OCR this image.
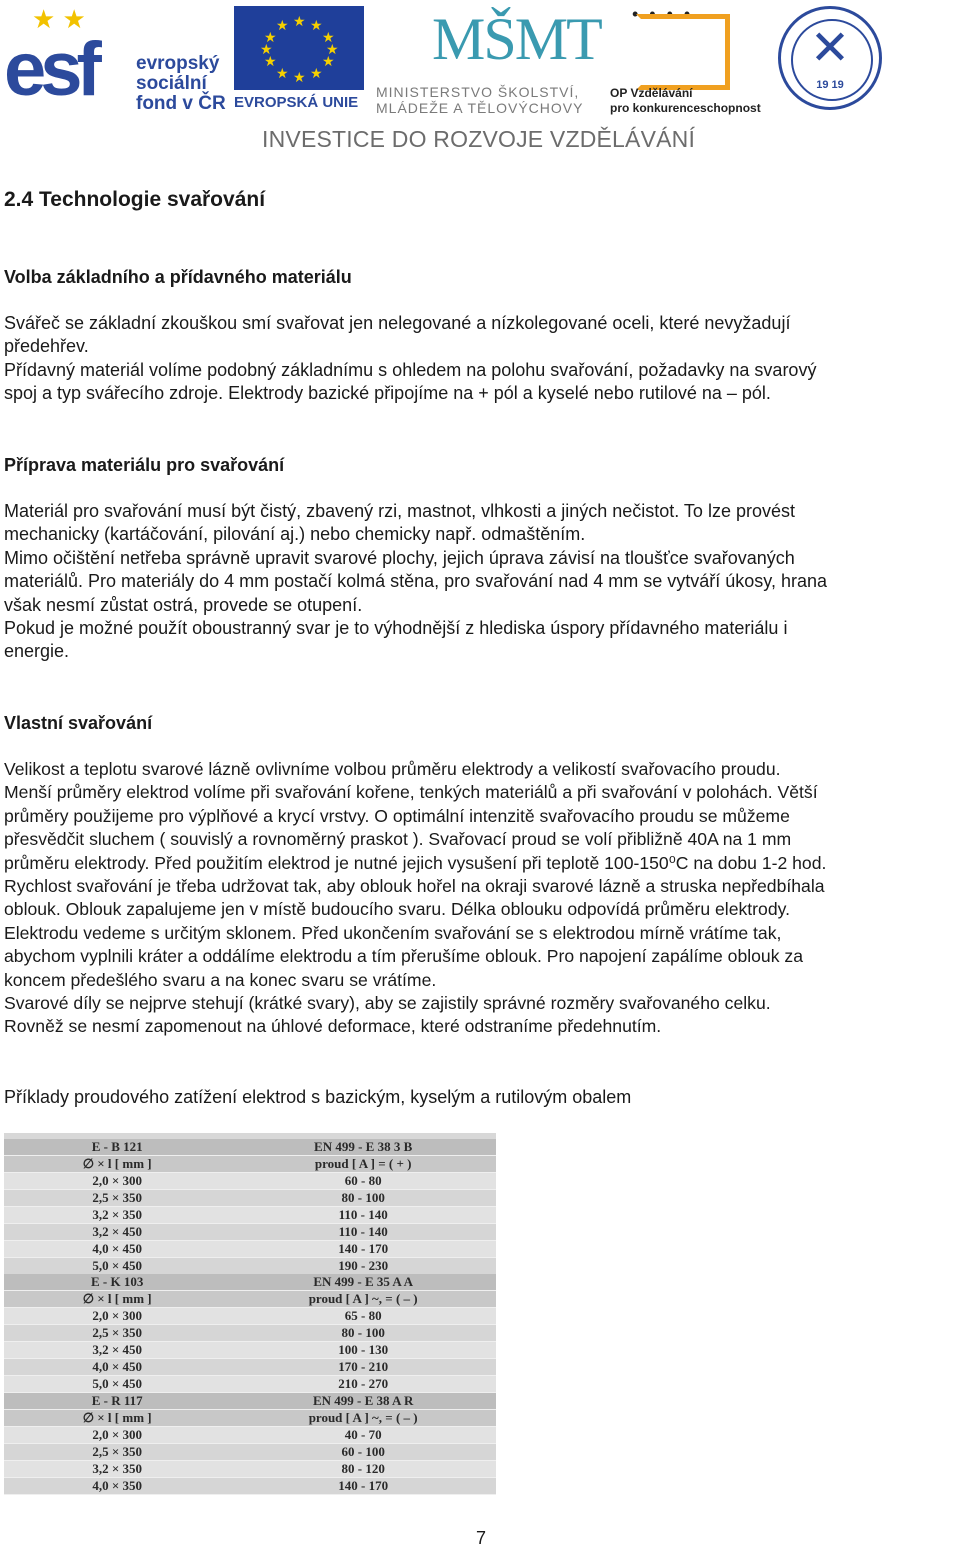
★ ★
esf evropský
sociální
fond v ČR
★ ★
★
★
★
★
★
★
★
★
★
★
EVROPSKÁ UNIE
MŠMT
MINISTERSTVO ŠKOLSTVÍ,
MLÁDEŽE A TĚLOVÝCHOVY
• • • •
OP Vzdělávání
pro konkurenceschopnost
✕
19 19
INVESTICE DO ROZVOJE VZDĚLÁVÁNÍ
2.4 Technologie svařování
Volba základního a přídavného materiálu
Svářeč se základní zkouškou smí svařovat jen nelegované a nízkolegované oceli, které nevyžadují
předehřev.
Přídavný materiál volíme podobný základnímu s ohledem na polohu svařování, požadavky na svarový
spoj a typ svářecího zdroje. Elektrody bazické připojíme na + pól a kyselé nebo rutilové na – pól.
Příprava materiálu pro svařování
Materiál pro svařování musí být čistý, zbavený rzi, mastnot, vlhkosti a jiných nečistot. To lze provést
mechanicky (kartáčování, pilování aj.) nebo chemicky např. odmaštěním.
Mimo očištění netřeba správně upravit svarové plochy, jejich úprava závisí na tloušťce svařovaných
materiálů. Pro materiály do 4 mm postačí kolmá stěna, pro svařování nad 4 mm se vytváří úkosy, hrana
však nesmí zůstat ostrá, provede se otupení.
Pokud je možné použít oboustranný svar je to výhodnější z hlediska úspory přídavného materiálu i
energie.
Vlastní svařování
Velikost a teplotu svarové lázně ovlivníme volbou průměru elektrody a velikostí svařovacího proudu.
Menší průměry elektrod volíme při svařování kořene, tenkých materiálů a při svařování v polohách. Větší
průměry použijeme pro výplňové a krycí vrstvy. O optimální intenzitě svařovacího proudu se můžeme
přesvědčit sluchem ( souvislý a rovnoměrný praskot ). Svařovací proud se volí přibližně 40A na 1 mm
průměru elektrody. Před použitím elektrod je nutné jejich vysušení při teplotě 100-150⁰C na dobu 1-2 hod.
Rychlost svařování je třeba udržovat tak, aby oblouk hořel na okraji svarové lázně a struska nepředbíhala
oblouk. Oblouk zapalujeme jen v místě budoucího svaru. Délka oblouku odpovídá průměru elektrody.
Elektrodu vedeme s určitým sklonem. Před ukončením svařování se s elektrodou mírně vrátíme tak,
abychom vyplnili kráter a oddálíme elektrodu a tím přerušíme oblouk. Pro napojení zapálíme oblouk za
koncem předešlého svaru a na konec svaru se vrátíme.
Svarové díly se nejprve stehují (krátké svary), aby se zajistily správné rozměry svařovaného celku.
Rovněž se nesmí zapomenout na úhlové deformace, které odstraníme předehnutím.
Příklady proudového zatížení elektrod s bazickým, kyselým a rutilovým obalem
E - B 121	EN 499 - E 38 3 B
∅ × l [ mm ]	proud [ A ] = ( + )
2,0 × 300	60 - 80
2,5 × 350	80 - 100
3,2 × 350	110 - 140
3,2 × 450	110 - 140
4,0 × 450	140 - 170
5,0 × 450	190 - 230
E - K 103	EN 499 - E 35 A A
∅ × l [ mm ]	proud [ A ] ~, = ( – )
2,0 × 300	65 - 80
2,5 × 350	80 - 100
3,2 × 450	100 - 130
4,0 × 450	170 - 210
5,0 × 450	210 - 270
E - R 117	EN 499 - E 38 A R
∅ × l [ mm ]	proud [ A ] ~, = ( – )
2,0 × 300	40 - 70
2,5 × 350	60 - 100
3,2 × 350	80 - 120
4,0 × 350	140 - 170
7
